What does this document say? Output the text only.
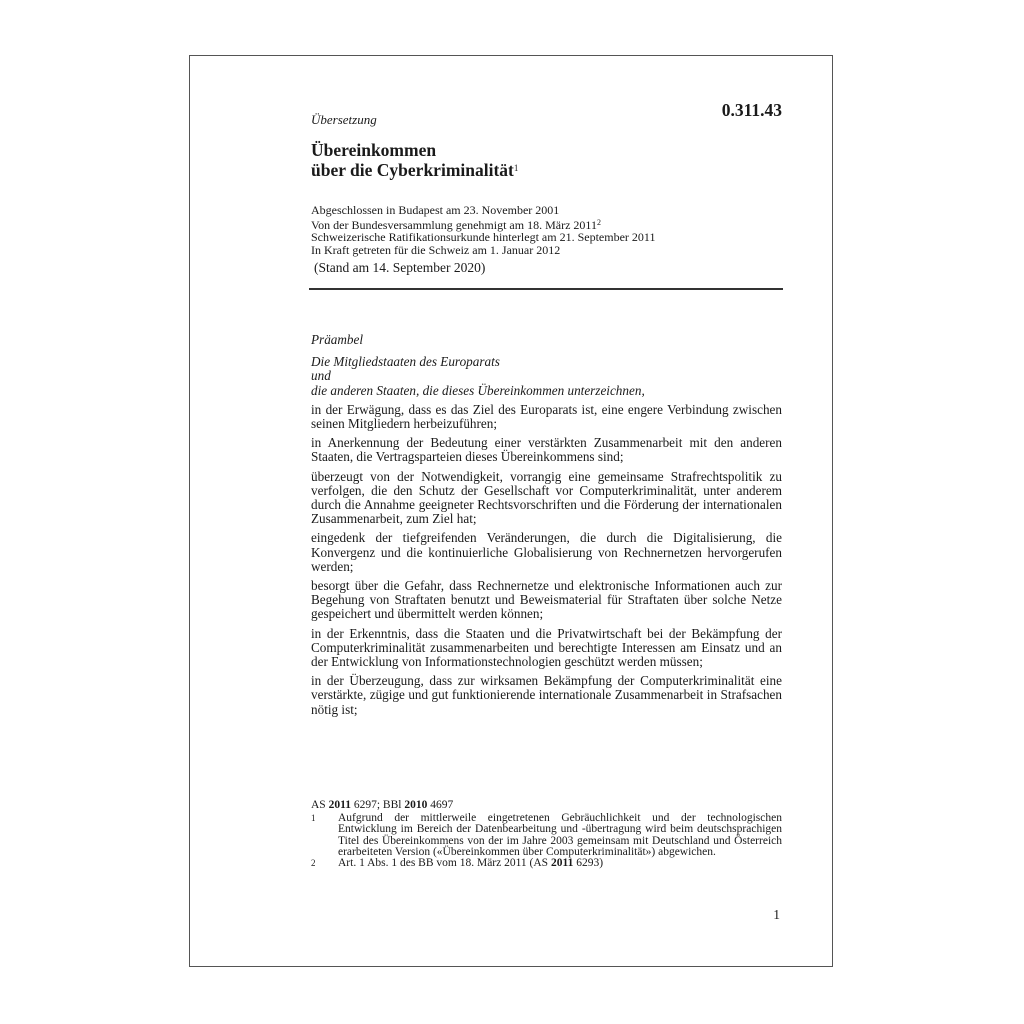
Übersetzung	0.311.43
Übereinkommen
über die Cyberkriminalität$^1$
Abgeschlossen in Budapest am 23. November 2001
Von der Bundesversammlung genehmigt am 18. März 2011$^2$
Schweizerische Ratifikationsurkunde hinterlegt am 21. September 2011
In Kraft getreten für die Schweiz am 1. Januar 2012
(Stand am 14. September 2020)
Präambel
Die Mitgliedstaaten des Europarats
und
die anderen Staaten, die dieses Übereinkommen unterzeichnen,

in der Erwägung, dass es das Ziel des Europarats ist, eine engere Verbindung zwischen seinen Mitgliedern herbeizuführen;

in Anerkennung der Bedeutung einer verstärkten Zusammenarbeit mit den anderen Staaten, die Vertragsparteien dieses Übereinkommens sind;

überzeugt von der Notwendigkeit, vorrangig eine gemeinsame Strafrechtspolitik zu verfolgen, die den Schutz der Gesellschaft vor Computerkriminalität, unter anderem durch die Annahme geeigneter Rechtsvorschriften und die Förderung der internationalen Zusammenarbeit, zum Ziel hat;

eingedenk der tiefgreifenden Veränderungen, die durch die Digitalisierung, die Konvergenz und die kontinuierliche Globalisierung von Rechnernetzen hervorgerufen werden;

besorgt über die Gefahr, dass Rechnernetze und elektronische Informationen auch zur Begehung von Straftaten benutzt und Beweismaterial für Straftaten über solche Netze gespeichert und übermittelt werden können;

in der Erkenntnis, dass die Staaten und die Privatwirtschaft bei der Bekämpfung der Computerkriminalität zusammenarbeiten und berechtigte Interessen am Einsatz und an der Entwicklung von Informationstechnologien geschützt werden müssen;

in der Überzeugung, dass zur wirksamen Bekämpfung der Computerkriminalität eine verstärkte, zügige und gut funktionierende internationale Zusammenarbeit in Strafsachen nötig ist;

AS 2011 6297; BBl 2010 4697
1	Aufgrund der mittlerweile eingetretenen Gebräuchlichkeit und der technologischen Entwicklung im Bereich der Datenbearbeitung und -übertragung wird beim deutschsprachigen Titel des Übereinkommens von der im Jahre 2003 gemeinsam mit Deutschland und Österreich erarbeiteten Version («Übereinkommen über Computerkriminalität») abgewichen.
2	Art. 1 Abs. 1 des BB vom 18. März 2011 (AS 2011 6293)
1
